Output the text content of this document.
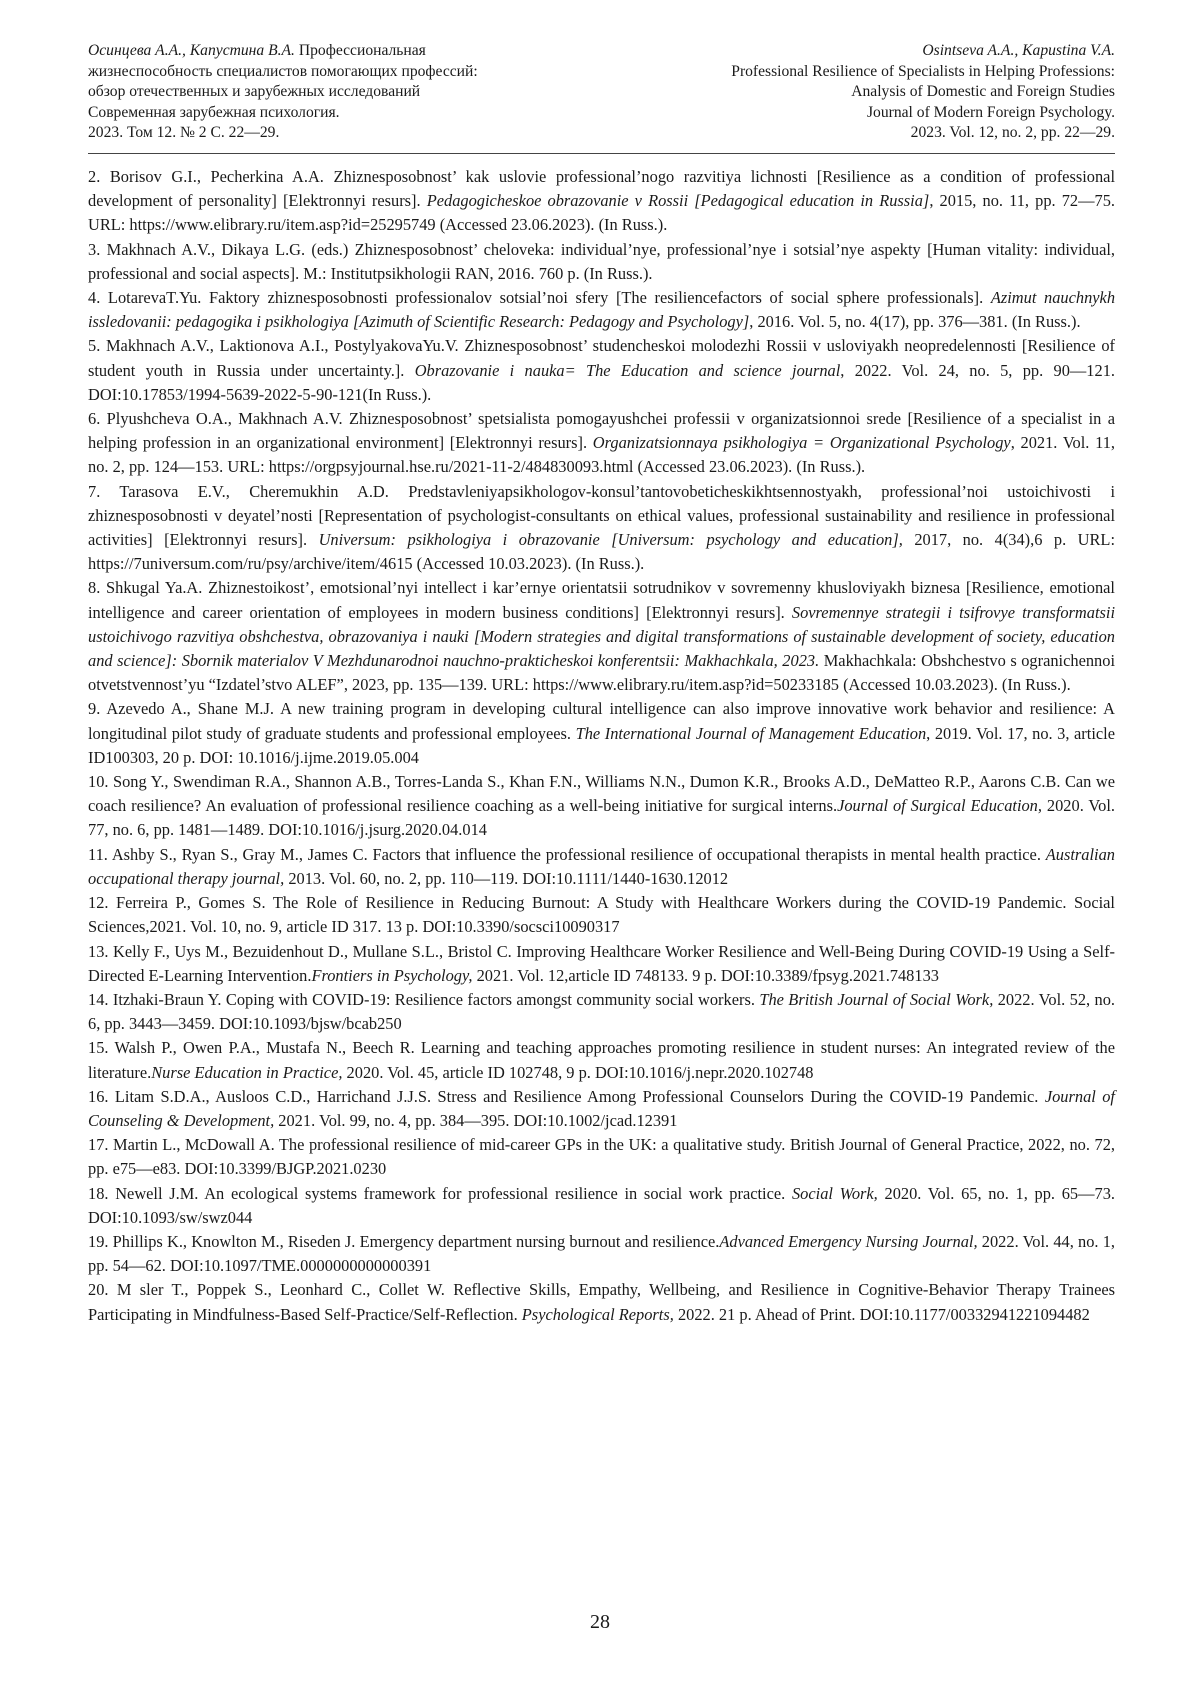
Осинцева А.А., Капустина В.А. Профессиональная
жизнеспособность специалистов помогающих профессий:
обзор отечественных и зарубежных исследований
Современная зарубежная психология.
2023. Том 12. № 2 С. 22—29.
Osintseva A.A., Kapustina V.A.
Professional Resilience of Specialists in Helping Professions:
Analysis of Domestic and Foreign Studies
Journal of Modern Foreign Psychology.
2023. Vol. 12, no. 2, pp. 22—29.

2. Borisov G.I., Pecherkina A.A. Zhiznesposobnost’ kak uslovie professional’nogo razvitiya lichnosti [Resilience as a condition of professional development of personality] [Elektronnyi resurs]. Pedagogicheskoe obrazovanie v Rossii [Pedagogical education in Russia], 2015, no. 11, pp. 72—75. URL: https://www.elibrary.ru/item.asp?id=25295749 (Accessed 23.06.2023). (In Russ.).

3. Makhnach A.V., Dikaya L.G. (eds.) Zhiznesposobnost’ cheloveka: individual’nye, professional’nye i sotsial’nye aspekty [Human vitality: individual, professional and social aspects]. M.: Institutpsikhologii RAN, 2016. 760 p. (In Russ.).

4. LotarevaT.Yu. Faktory zhiznesposobnosti professionalov sotsial’noi sfery [The resiliencefactors of social sphere professionals]. Azimut nauchnykh issledovanii: pedagogika i psikhologiya [Azimuth of Scientific Research: Pedagogy and Psychology], 2016. Vol. 5, no. 4(17), pp. 376—381. (In Russ.).

5. Makhnach A.V., Laktionova A.I., PostylyakovaYu.V. Zhiznesposobnost’ studencheskoi molodezhi Rossii v usloviyakh neopredelennosti [Resilience of student youth in Russia under uncertainty.]. Obrazovanie i nauka= The Education and science journal, 2022. Vol. 24, no. 5, pp. 90—121. DOI:10.17853/1994-5639-2022-5-90-121(In Russ.).

6. Plyushcheva O.A., Makhnach A.V. Zhiznesposobnost’ spetsialista pomogayushchei professii v organizatsionnoi srede [Resilience of a specialist in a helping profession in an organizational environment] [Elektronnyi resurs]. Organizatsionnaya psikhologiya = Organizational Psychology, 2021. Vol. 11, no. 2, pp. 124—153. URL: https://orgpsyjournal.hse.ru/2021-11-2/484830093.html (Accessed 23.06.2023). (In Russ.).

7. Tarasova E.V., Cheremukhin A.D. Predstavleniyapsikhologov-konsul’tantovobeticheskikhtsennostyakh, professional’noi ustoichivosti i zhiznesposobnosti v deyatel’nosti [Representation of psychologist-consultants on ethical values, professional sustainability and resilience in professional activities] [Elektronnyi resurs]. Universum: psikhologiya i obrazovanie [Universum: psychology and education], 2017, no. 4(34),6 p. URL: https://7universum.com/ru/psy/archive/item/4615 (Accessed 10.03.2023). (In Russ.).

8. Shkugal Ya.A. Zhiznestoikost’, emotsional’nyi intellect i kar’ernye orientatsii sotrudnikov v sovremenny khusloviyakh biznesa [Resilience, emotional intelligence and career orientation of employees in modern business conditions] [Elektronnyi resurs]. Sovremennye strategii i tsifrovye transformatsii ustoichivogo razvitiya obshchestva, obrazovaniya i nauki [Modern strategies and digital transformations of sustainable development of society, education and science]: Sbornik materialov V Mezhdunarodnoi nauchno-prakticheskoi konferentsii: Makhachkala, 2023. Makhachkala: Obshchestvo s ogranichennoi otvetstvennost’yu “Izdatel’stvo ALEF”, 2023, pp. 135—139. URL: https://www.elibrary.ru/item.asp?id=50233185 (Accessed 10.03.2023). (In Russ.).

9. Azevedo A., Shane M.J. A new training program in developing cultural intelligence can also improve innovative work behavior and resilience: A longitudinal pilot study of graduate students and professional employees. The International Journal of Management Education, 2019. Vol. 17, no. 3, article ID100303, 20 p. DOI: 10.1016/j.ijme.2019.05.004

10. Song Y., Swendiman R.A., Shannon A.B., Torres-Landa S., Khan F.N., Williams N.N., Dumon K.R., Brooks A.D., DeMatteo R.P., Aarons C.B. Can we coach resilience? An evaluation of professional resilience coaching as a well-being initiative for surgical interns.Journal of Surgical Education, 2020. Vol. 77, no. 6, pp. 1481—1489. DOI:10.1016/j.jsurg.2020.04.014

11. Ashby S., Ryan S., Gray M., James C. Factors that influence the professional resilience of occupational therapists in mental health practice. Australian occupational therapy journal, 2013. Vol. 60, no. 2, pp. 110—119. DOI:10.1111/1440-1630.12012

12. Ferreira P., Gomes S. The Role of Resilience in Reducing Burnout: A Study with Healthcare Workers during the COVID-19 Pandemic. Social Sciences,2021. Vol. 10, no. 9, article ID 317. 13 p. DOI:10.3390/socsci10090317

13. Kelly F., Uys M., Bezuidenhout D., Mullane S.L., Bristol C. Improving Healthcare Worker Resilience and Well-Being During COVID-19 Using a Self-Directed E-Learning Intervention.Frontiers in Psychology, 2021. Vol. 12,article ID 748133. 9 p. DOI:10.3389/fpsyg.2021.748133

14. Itzhaki-Braun Y. Coping with COVID-19: Resilience factors amongst community social workers. The British Journal of Social Work, 2022. Vol. 52, no. 6, pp. 3443—3459. DOI:10.1093/bjsw/bcab250

15. Walsh P., Owen P.A., Mustafa N., Beech R. Learning and teaching approaches promoting resilience in student nurses: An integrated review of the literature.Nurse Education in Practice, 2020. Vol. 45, article ID 102748, 9 p. DOI:10.1016/j.nepr.2020.102748

16. Litam S.D.A., Ausloos C.D., Harrichand J.J.S. Stress and Resilience Among Professional Counselors During the COVID-19 Pandemic. Journal of Counseling & Development, 2021. Vol. 99, no. 4, pp. 384—395. DOI:10.1002/jcad.12391

17. Martin L., McDowall A. The professional resilience of mid-career GPs in the UK: a qualitative study. British Journal of General Practice, 2022, no. 72, pp. e75—e83. DOI:10.3399/BJGP.2021.0230

18. Newell J.M. An ecological systems framework for professional resilience in social work practice. Social Work, 2020. Vol. 65, no. 1, pp. 65—73. DOI:10.1093/sw/swz044

19. Phillips K., Knowlton M., Riseden J. Emergency department nursing burnout and resilience.Advanced Emergency Nursing Journal, 2022. Vol. 44, no. 1, pp. 54—62. DOI:10.1097/TME.0000000000000391

20. M sler T., Poppek S., Leonhard C., Collet W. Reflective Skills, Empathy, Wellbeing, and Resilience in Cognitive-Behavior Therapy Trainees Participating in Mindfulness-Based Self-Practice/Self-Reflection. Psychological Reports, 2022. 21 p. Ahead of Print. DOI:10.1177/00332941221094482

28
